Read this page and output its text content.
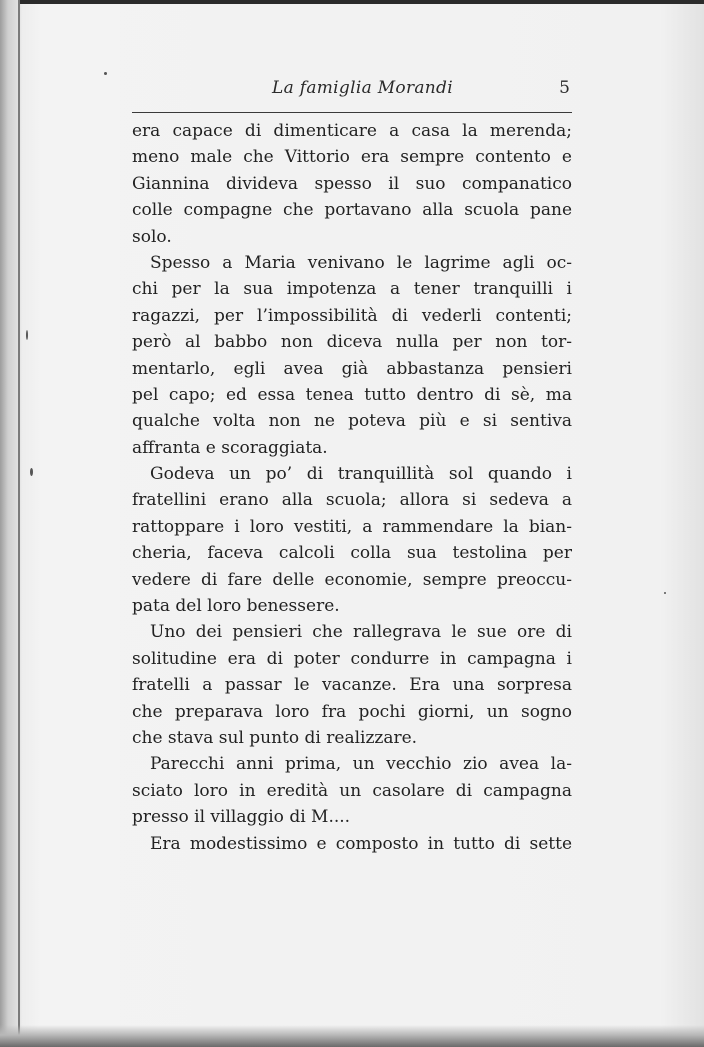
La famiglia Morandi	5
era capace di dimenticare a casa la merenda;
meno male che Vittorio era sempre contento e
Giannina divideva spesso il suo companatico
colle compagne che portavano alla scuola pane
solo.
Spesso a Maria venivano le lagrime agli oc-
chi per la sua impotenza a tener tranquilli i
ragazzi, per l’impossibilità di vederli contenti;
però al babbo non diceva nulla per non tor-
mentarlo, egli avea già abbastanza pensieri
pel capo; ed essa tenea tutto dentro di sè, ma
qualche volta non ne poteva più e si sentiva
affranta e scoraggiata.
Godeva un po’ di tranquillità sol quando i
fratellini erano alla scuola; allora si sedeva a
rattoppare i loro vestiti, a rammendare la bian-
cheria, faceva calcoli colla sua testolina per
vedere di fare delle economie, sempre preoccu-
pata del loro benessere.
Uno dei pensieri che rallegrava le sue ore di
solitudine era di poter condurre in campagna i
fratelli a passar le vacanze. Era una sorpresa
che preparava loro fra pochi giorni, un sogno
che stava sul punto di realizzare.
Parecchi anni prima, un vecchio zio avea la-
sciato loro in eredità un casolare di campagna
presso il villaggio di M....
Era modestissimo e composto in tutto di sette
